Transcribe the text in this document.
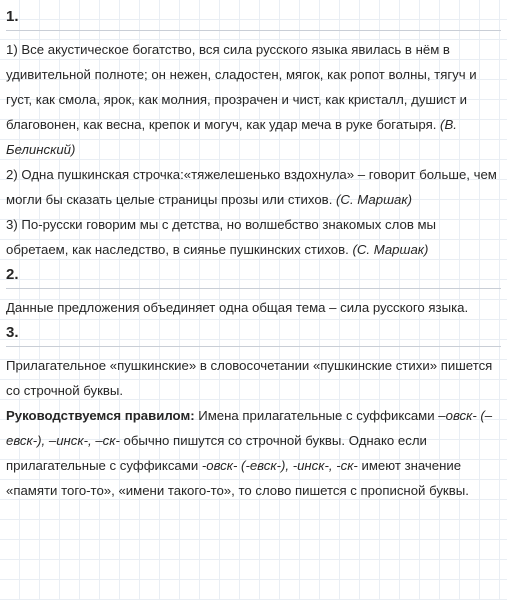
1.

1) Все акустическое богатство, вся сила русского языка явилась в нём в удивительной полноте; он нежен, сладостен, мягок, как ропот волны, тягуч и густ, как смола, ярок, как молния, прозрачен и чист, как кристалл, душист и благовонен, как весна, крепок и могуч, как удар меча в руке богатыря. (В. Белинский)

2) Одна пушкинская строчка:«тяжелешенько вздохнула» – говорит больше, чем могли бы сказать целые страницы прозы или стихов. (С. Маршак)

3) По-русски говорим мы с детства, но волшебство знакомых слов мы обретаем, как наследство, в сиянье пушкинских стихов. (С. Маршак)

2.

Данные предложения объединяет одна общая тема – сила русского языка.

3.

Прилагательное «пушкинские» в словосочетании «пушкинские стихи» пишется со строчной буквы.

Руководствуемся правилом: Имена прилагательные с суффиксами –овск- (–евск-), –инск-, –ск- обычно пишутся со строчной буквы. Однако если прилагательные с суффиксами -овск- (-евск-), -инск-, -ск- имеют значение «памяти того-то», «имени такого-то», то слово пишется с прописной буквы.
